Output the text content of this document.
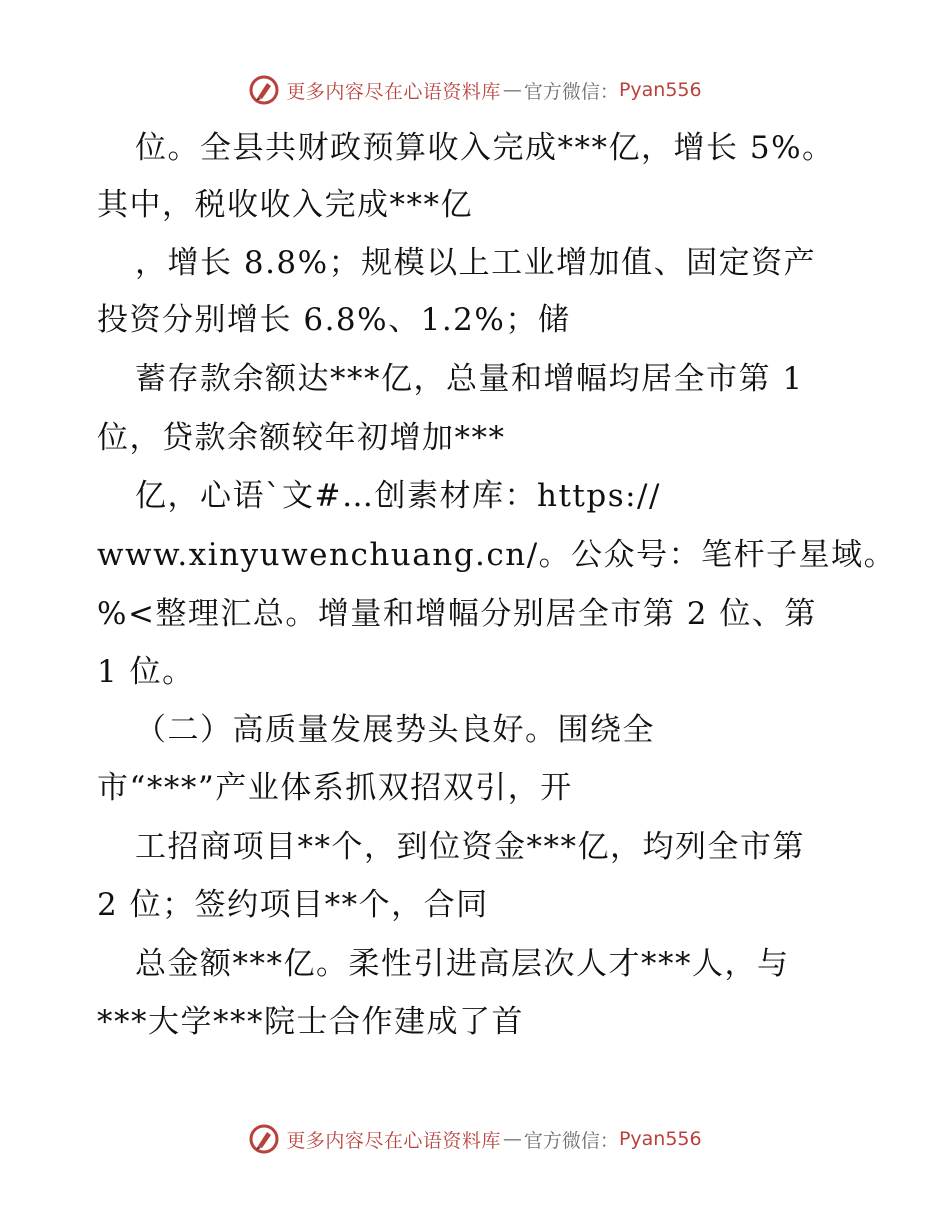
更多内容尽在心语资料库 — 官方微信： Pyan556
位。全县共财政预算收入完成***亿，增长 5%。
其中，税收收入完成***亿
，增长 8.8%；规模以上工业增加值、固定资产
投资分别增长 6.8%、1.2%；储
蓄存款余额达***亿，总量和增幅均居全市第 1
位，贷款余额较年初增加***
亿，心语`文#…创素材库：https://
www.xinyuwenchuang.cn/。公众号：笔杆子星域。
%<整理汇总。增量和增幅分别居全市第 2 位、第
1 位。
（二）高质量发展势头良好。围绕全
市“***”产业体系抓双招双引，开
工招商项目**个，到位资金***亿，均列全市第
2 位；签约项目**个，合同
总金额***亿。柔性引进高层次人才***人，与
***大学***院士合作建成了首
更多内容尽在心语资料库 — 官方微信： Pyan556
